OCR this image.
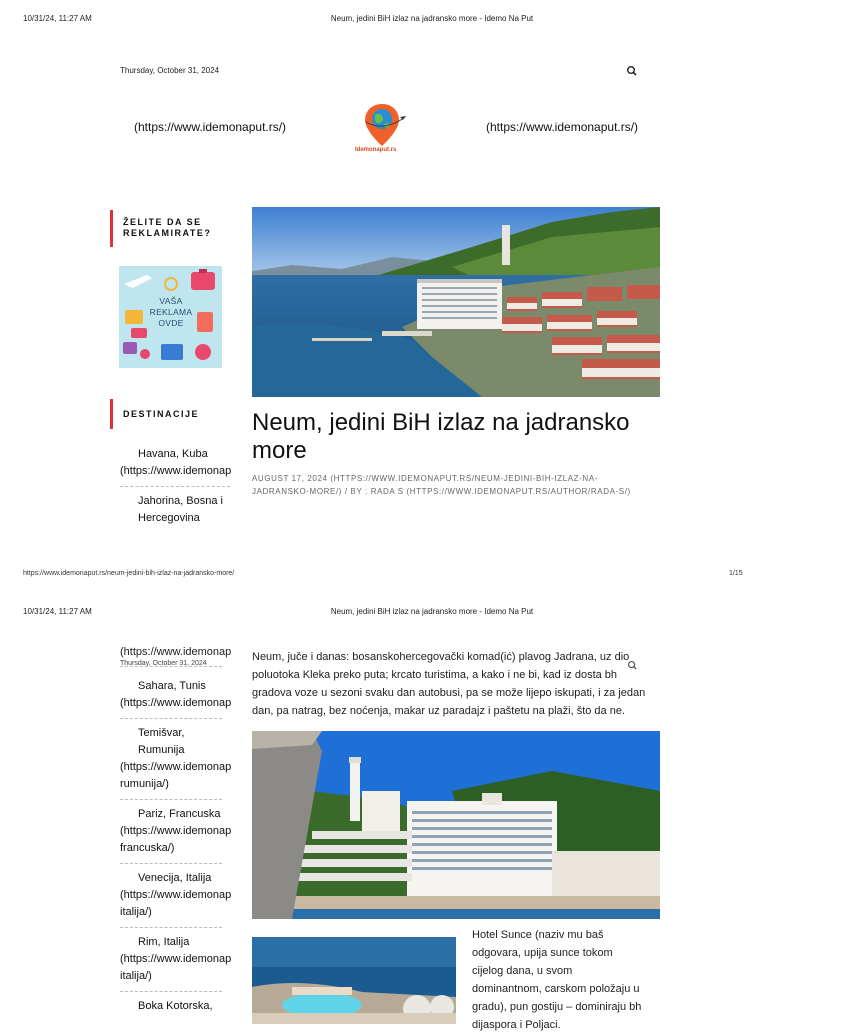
10/31/24, 11:27 AM	Neum, jedini BiH izlaz na jadransko more - Idemo Na Put
Thursday, October 31, 2024
(https://www.idemonaput.rs/)	(https://www.idemonaput.rs/)
Idemonaput.rs
ŽELITE DA SE REKLAMIRATE?
VAŠA REKLAMA OVDE
DESTINACIJE
Havana, Kuba
(https://www.idemonap
Jahorina, Bosna i Hercegovina
Neum, jedini BiH izlaz na jadransko more
AUGUST 17, 2024 (HTTPS://WWW.IDEMONAPUT.RS/NEUM-JEDINI-BIH-IZLAZ-NA-JADRANSKO-MORE/) / BY : RADA S (HTTPS://WWW.IDEMONAPUT.RS/AUTHOR/RADA-S/)
https://www.idemonaput.rs/neum-jedini-bih-izlaz-na-jadransko-more/	1/15
10/31/24, 11:27 AM	Neum, jedini BiH izlaz na jadransko more - Idemo Na Put
(https://www.idemonap
Thursday, October 31, 2024
Sahara, Tunis
(https://www.idemonap
Temišvar, Rumunija
(https://www.idemonap
rumunija/)
Pariz, Francuska
(https://www.idemonap
francuska/)
Venecija, Italija
(https://www.idemonap
italija/)
Rim, Italija
(https://www.idemonap
italija/)
Boka Kotorska,
Neum, juče i danas: bosanskohercegovački komad(ić) plavog Jadrana, uz dio poluotoka Kleka preko puta; krcato turistima, a kako i ne bi, kad iz dosta bh gradova voze u sezoni svaku dan autobusi, pa se može lijepo iskupati, i za jedan dan, pa natrag, bez noćenja, makar uz paradajz i paštetu na plaži, što da ne.
Hotel Sunce (naziv mu baš odgovara, upija sunce tokom cijelog dana, u svom dominantnom, carskom položaju u gradu), pun gostiju – dominiraju bh dijaspora i Poljaci.
